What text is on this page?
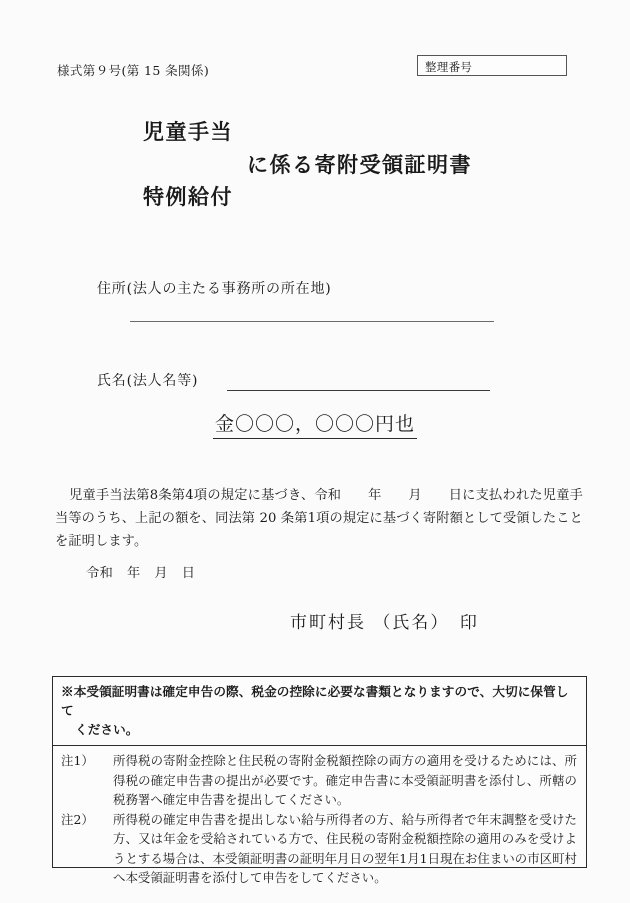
様式第９号(第 15 条関係)	整理番号
児童手当
に係る寄附受領証明書
特例給付
住所(法人の主たる事務所の所在地)
氏名(法人名等)
金〇〇〇，〇〇〇円也
児童手当法第8条第4項の規定に基づき、令和　　年　　月　　日に支払われた児童手当等のうち、上記の額を、同法第 20 条第1項の規定に基づく寄附額として受領したことを証明します。
令和　年　月　日
市町村長 （氏名）　印
※本受領証明書は確定申告の際、税金の控除に必要な書類となりますので、大切に保管して
ください。
注1）	所得税の寄附金控除と住民税の寄附金税額控除の両方の適用を受けるためには、所得税の確定申告書の提出が必要です。確定申告書に本受領証明書を添付し、所轄の税務署へ確定申告書を提出してください。
注2）	所得税の確定申告書を提出しない給与所得者の方、給与所得者で年末調整を受けた方、又は年金を受給されている方で、住民税の寄附金税額控除の適用のみを受けようとする場合は、本受領証明書の証明年月日の翌年1月1日現在お住まいの市区町村へ本受領証明書を添付して申告をしてください。
